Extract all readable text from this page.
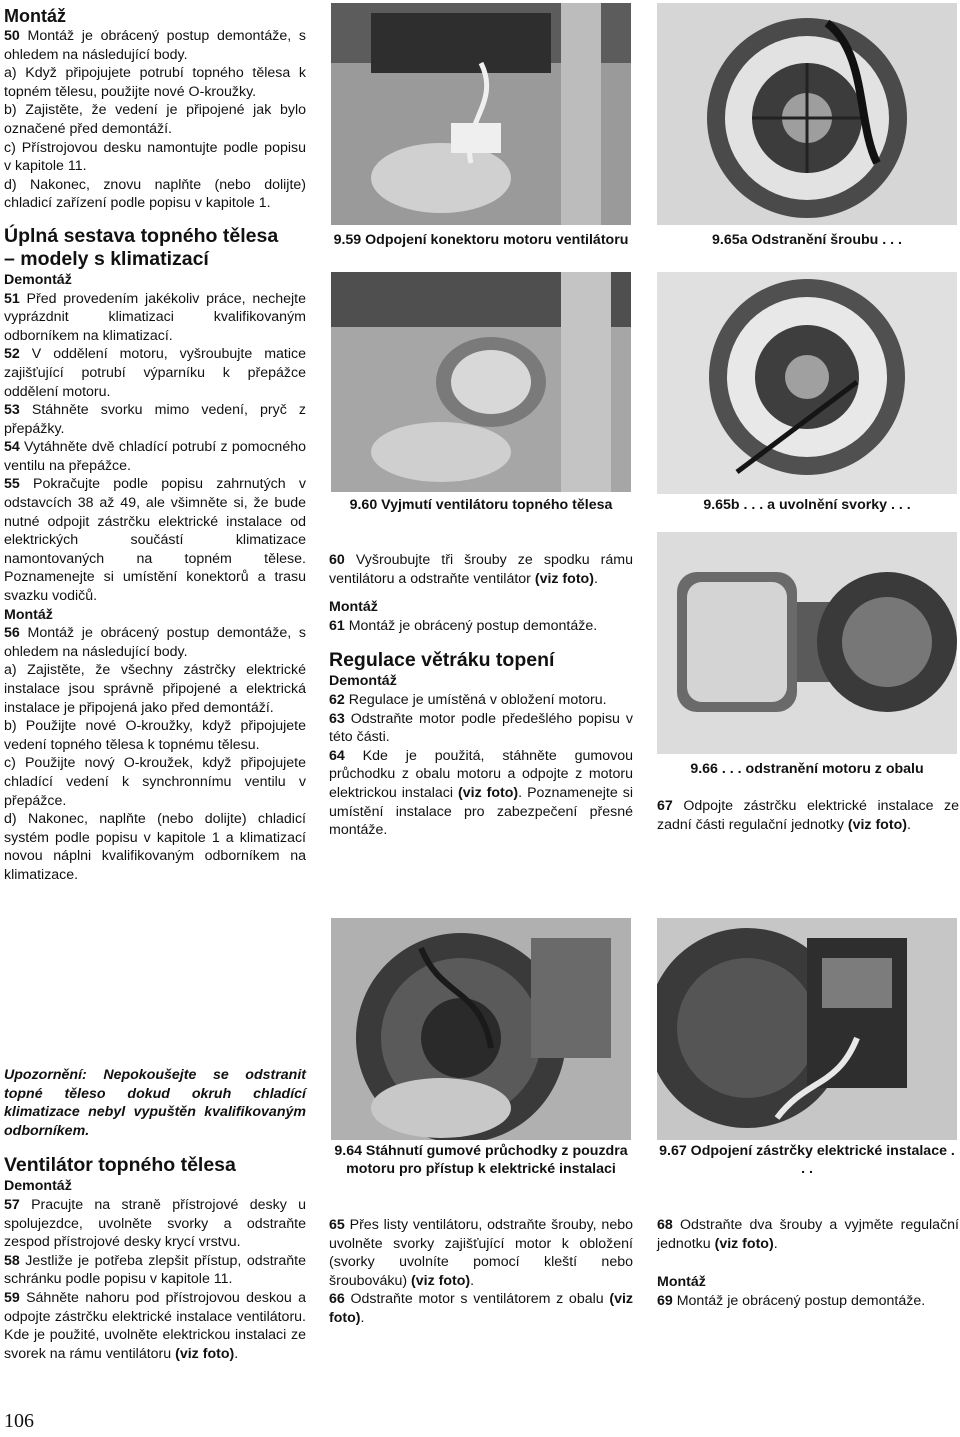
Montáž

50 Montáž je obrácený postup demontáže, s ohledem na následující body.

a) Když připojujete potrubí topného tělesa k topném tělesu, použijte nové O-kroužky.

b) Zajistěte, že vedení je připojené jak bylo označené před demontáží.

c) Přístrojovou desku namontujte podle popisu v kapitole 11.

d) Nakonec, znovu naplňte (nebo dolijte) chladicí zařízení podle popisu v kapitole 1.

Úplná sestava topného tělesa
– modely s klimatizací
Demontáž

51 Před provedením jakékoliv práce, nechejte vyprázdnit klimatizaci kvalifikovaným odborníkem na klimatizací.

52 V oddělení motoru, vyšroubujte matice zajišťující potrubí výparníku k přepážce oddělení motoru.

53 Stáhněte svorku mimo vedení, pryč z přepážky.

54 Vytáhněte dvě chladící potrubí z pomocného ventilu na přepážce.

55 Pokračujte podle popisu zahrnutých v odstavcích 38 až 49, ale všimněte si, že bude nutné odpojit zástrčku elektrické instalace od elektrických součástí klimatizace namontovaných na topném tělese. Poznamenejte si umístění konektorů a trasu svazku vodičů.

Montáž

56 Montáž je obrácený postup demontáže, s ohledem na následující body.

a) Zajistěte, že všechny zástrčky elektrické instalace jsou správně připojené a elektrická instalace je připojená jako před demontáží.

b) Použijte nové O-kroužky, když připojujete vedení topného tělesa k topnému tělesu.

c) Použijte nový O-kroužek, když připojujete chladící vedení k synchronnímu ventilu v přepážce.

d) Nakonec, naplňte (nebo dolijte) chladicí systém podle popisu v kapitole 1 a klimatizací novou náplni kvalifikovaným odborníkem na klimatizace.

Upozornění: Nepokoušejte se odstranit topné těleso dokud okruh chladící klimatizace nebyl vypuštěn kvalifikovaným odborníkem.

Ventilátor topného tělesa
Demontáž

57 Pracujte na straně přístrojové desky u spolujezdce, uvolněte svorky a odstraňte zespod přístrojové desky krycí vrstvu.

58 Jestliže je potřeba zlepšit přístup, odstraňte schránku podle popisu v kapitole 11.

59 Sáhněte nahoru pod přístrojovou deskou a odpojte zástrčku elektrické instalace ventilátoru. Kde je použité, uvolněte elektrickou instalaci ze svorek na rámu ventilátoru (viz foto).

106
9.59 Odpojení konektoru motoru ventilátoru
9.60 Vyjmutí ventilátoru topného tělesa

60 Vyšroubujte tři šrouby ze spodku rámu ventilátoru a odstraňte ventilátor (viz foto).

Montáž

61 Montáž je obrácený postup demontáže.

Regulace větráku topení
Demontáž

62 Regulace je umístěná v obložení motoru.

63 Odstraňte motor podle předešlého popisu v této části.

64 Kde je použitá, stáhněte gumovou průchodku z obalu motoru a odpojte z motoru elektrickou instalaci (viz foto). Poznamenejte si umístění instalace pro zabezpečení přesné montáže.

9.64 Stáhnutí gumové průchodky z pouzdra motoru pro přístup k elektrické instalaci

65 Přes listy ventilátoru, odstraňte šrouby, nebo uvolněte svorky zajišťující motor k obložení (svorky uvolníte pomocí kleští nebo šroubováku) (viz foto).

66 Odstraňte motor s ventilátorem z obalu (viz foto).

9.65a Odstranění šroubu . . .
9.65b . . . a uvolnění svorky . . .
9.66 . . . odstranění motoru z obalu

67 Odpojte zástrčku elektrické instalace ze zadní části regulační jednotky (viz foto).

9.67 Odpojení zástrčky elektrické instalace . . .

68 Odstraňte dva šrouby a vyjměte regulační jednotku (viz foto).

Montáž

69 Montáž je obrácený postup demontáže.
